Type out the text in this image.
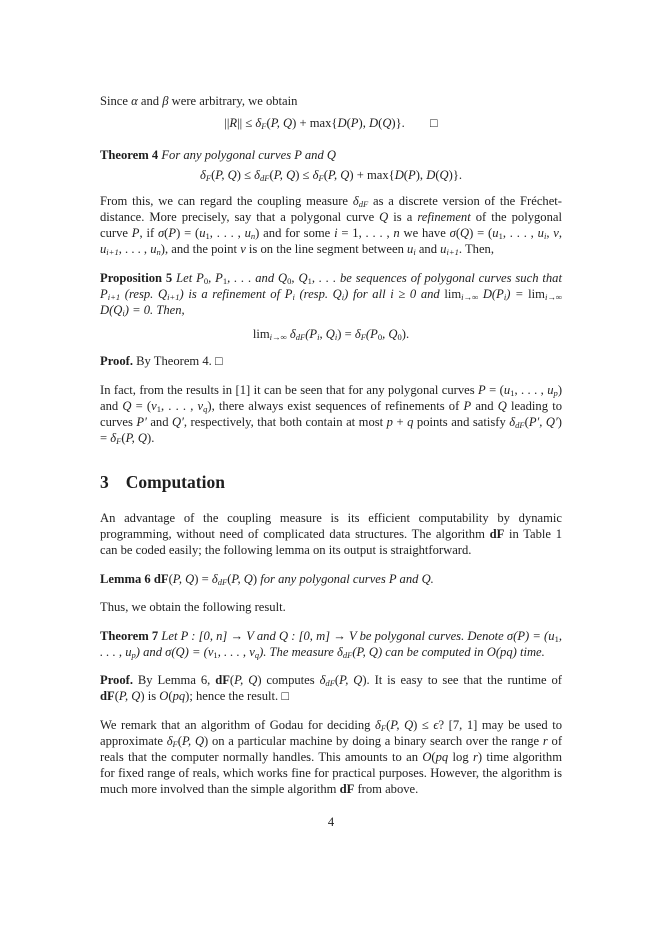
Since α and β were arbitrary, we obtain

||R|| ≤ δF(P, Q) + max{D(P), D(Q)}.  □

Theorem 4 For any polygonal curves P and Q

δF(P, Q) ≤ δdF(P, Q) ≤ δF(P, Q) + max{D(P), D(Q)}.

From this, we can regard the coupling measure δdF as a discrete version of the Fréchet-distance. More precisely, say that a polygonal curve Q is a refinement of the polygonal curve P, if σ(P) = (u1, . . . , un) and for some i = 1, . . . , n we have σ(Q) = (u1, . . . , ui, v, ui+1, . . . , un), and the point v is on the line segment between ui and ui+1. Then,

Proposition 5 Let P0, P1, . . . and Q0, Q1, . . . be sequences of polygonal curves such that Pi+1 (resp. Qi+1) is a refinement of Pi (resp. Qi) for all i ≥ 0 and limi→∞ D(Pi) = limi→∞ D(Qi) = 0. Then,

limi→∞ δdF(Pi, Qi) = δF(P0, Q0).

Proof. By Theorem 4. □

In fact, from the results in [1] it can be seen that for any polygonal curves P = (u1, . . . , up) and Q = (v1, . . . , vq), there always exist sequences of refinements of P and Q leading to curves P′ and Q′, respectively, that both contain at most p + q points and satisfy δdF(P′, Q′) = δF(P, Q).

3 Computation

An advantage of the coupling measure is its efficient computability by dynamic programming, without need of complicated data structures. The algorithm dF in Table 1 can be coded easily; the following lemma on its output is straightforward.

Lemma 6 dF(P, Q) = δdF(P, Q) for any polygonal curves P and Q.

Thus, we obtain the following result.

Theorem 7 Let P : [0, n] → V and Q : [0, m] → V be polygonal curves. Denote σ(P) = (u1, . . . , up) and σ(Q) = (v1, . . . , vq). The measure δdF(P, Q) can be computed in O(pq) time.

Proof. By Lemma 6, dF(P, Q) computes δdF(P, Q). It is easy to see that the runtime of dF(P, Q) is O(pq); hence the result. □

We remark that an algorithm of Godau for deciding δF(P, Q) ≤ ϵ? [7, 1] may be used to approximate δF(P, Q) on a particular machine by doing a binary search over the range r of reals that the computer normally handles. This amounts to an O(pq log r) time algorithm for fixed range of reals, which works fine for practical purposes. However, the algorithm is much more involved than the simple algorithm dF from above.

4
